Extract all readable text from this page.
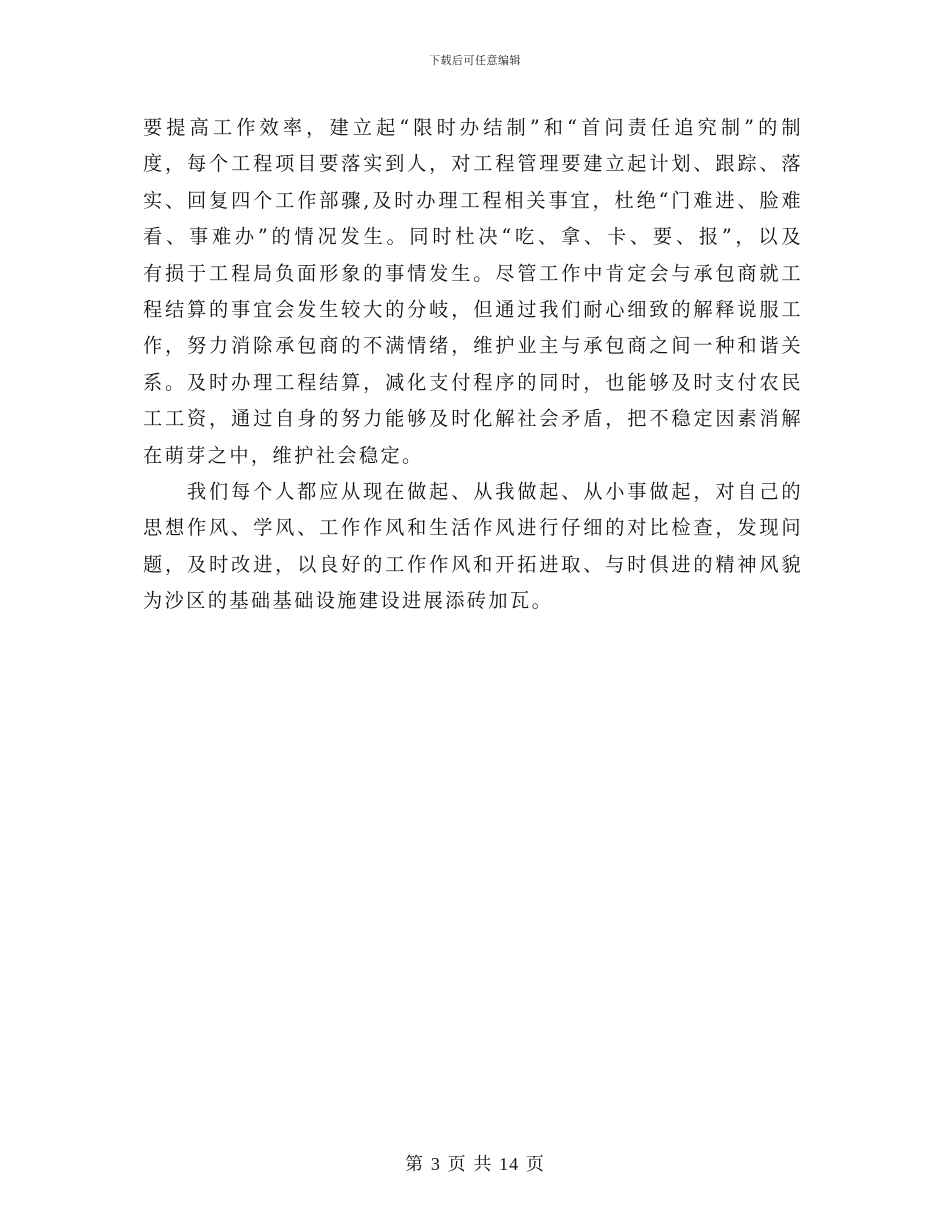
下载后可任意编辑
要提高工作效率，建立起“限时办结制”和“首问责任追究制”的制
度，每个工程项目要落实到人，对工程管理要建立起计划、跟踪、落
实、回复四个工作部骤,及时办理工程相关事宜，杜绝“门难进、脸难
看、事难办”的情况发生。同时杜决“吃、拿、卡、要、报”，以及
有损于工程局负面形象的事情发生。尽管工作中肯定会与承包商就工
程结算的事宜会发生较大的分岐，但通过我们耐心细致的解释说服工
作，努力消除承包商的不满情绪，维护业主与承包商之间一种和谐关
系。及时办理工程结算，减化支付程序的同时，也能够及时支付农民
工工资，通过自身的努力能够及时化解社会矛盾，把不稳定因素消解
在萌芽之中，维护社会稳定。
　　我们每个人都应从现在做起、从我做起、从小事做起，对自己的
思想作风、学风、工作作风和生活作风进行仔细的对比检查，发现问
题，及时改进，以良好的工作作风和开拓进取、与时俱进的精神风貌
为沙区的基础基础设施建设进展添砖加瓦。
第 3 页 共 14 页
